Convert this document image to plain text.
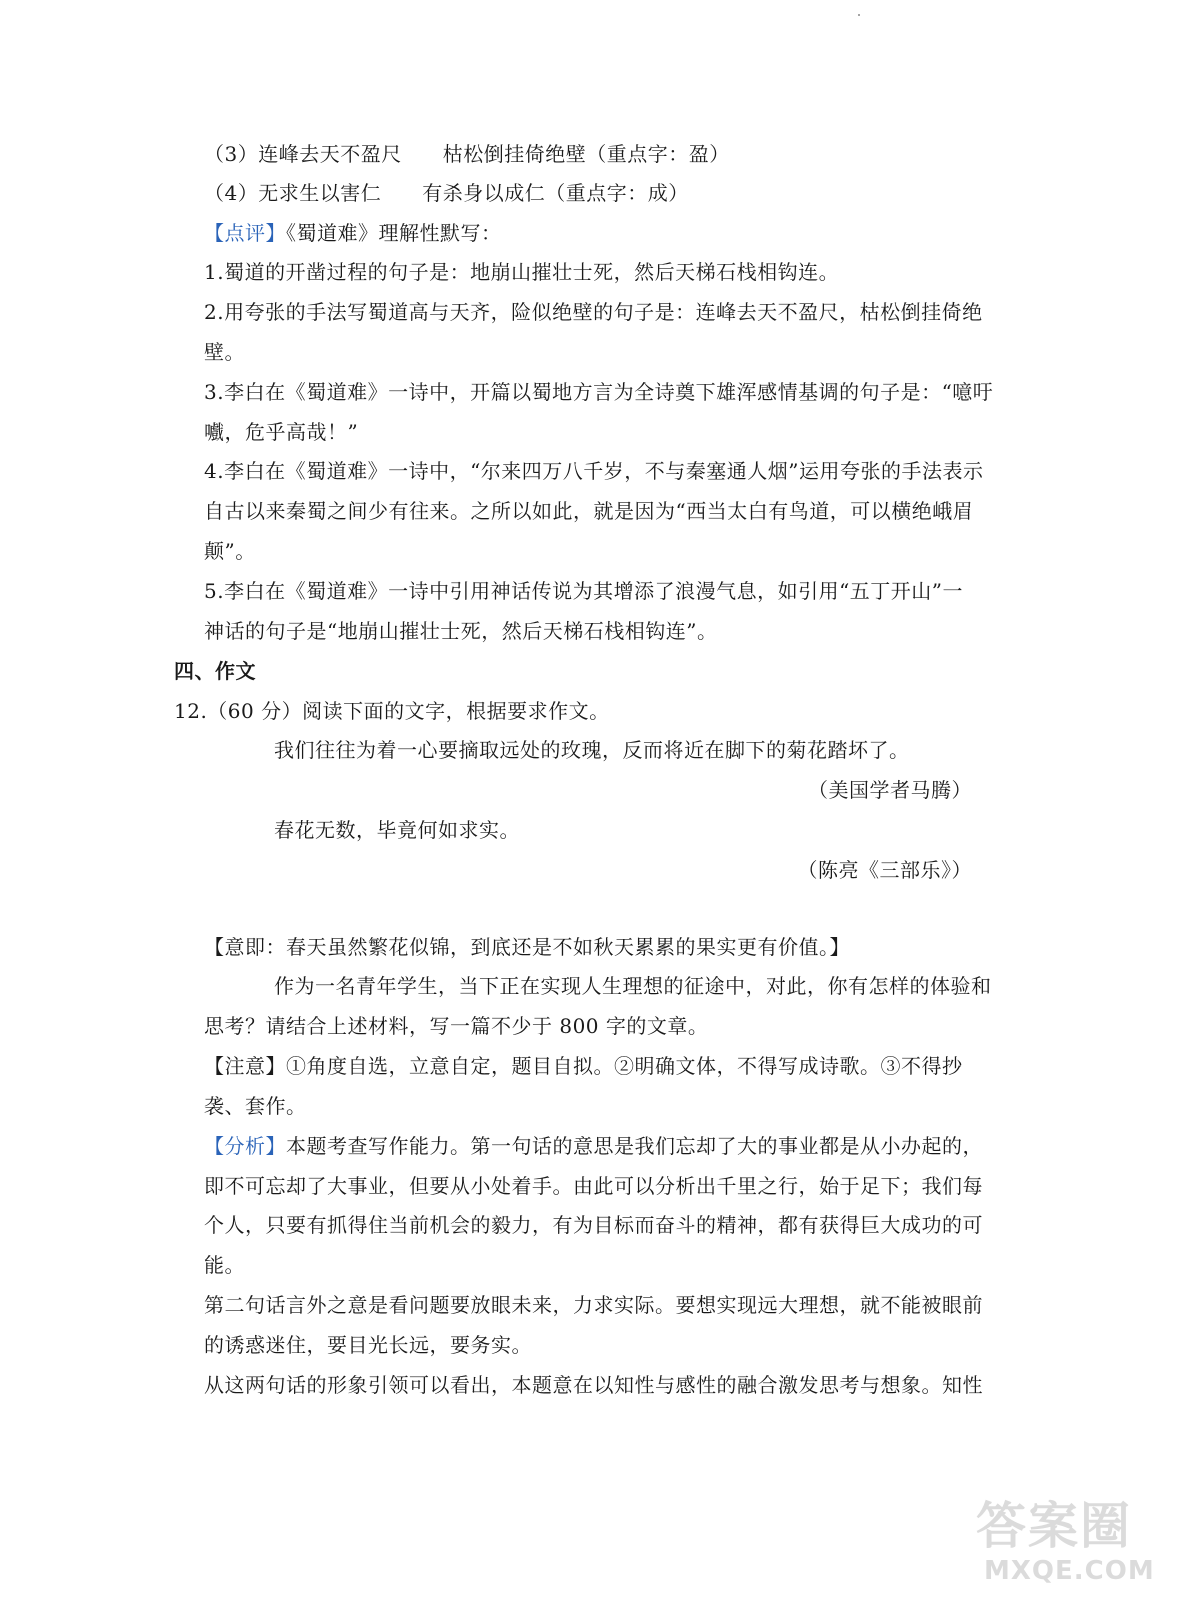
（3）连峰去天不盈尺　　枯松倒挂倚绝壁（重点字：盈）
（4）无求生以害仁　　有杀身以成仁（重点字：成）
【点评】《蜀道难》理解性默写：
1.蜀道的开凿过程的句子是：地崩山摧壮士死，然后天梯石栈相钩连。
2.用夸张的手法写蜀道高与天齐，险似绝壁的句子是：连峰去天不盈尺，枯松倒挂倚绝
壁。
3.李白在《蜀道难》一诗中，开篇以蜀地方言为全诗奠下雄浑感情基调的句子是：“噫吁
嚱，危乎高哉！”
4.李白在《蜀道难》一诗中，“尔来四万八千岁，不与秦塞通人烟”运用夸张的手法表示
自古以来秦蜀之间少有往来。之所以如此，就是因为“西当太白有鸟道，可以横绝峨眉
颠”。
5.李白在《蜀道难》一诗中引用神话传说为其增添了浪漫气息，如引用“五丁开山”一
神话的句子是“地崩山摧壮士死，然后天梯石栈相钩连”。
四、作文
12.（60 分）阅读下面的文字，根据要求作文。
我们往往为着一心要摘取远处的玫瑰，反而将近在脚下的菊花踏坏了。
（美国学者马腾）
春花无数，毕竟何如求实。
（陈亮《三部乐》）
【意即：春天虽然繁花似锦，到底还是不如秋天累累的果实更有价值。】
作为一名青年学生，当下正在实现人生理想的征途中，对此，你有怎样的体验和
思考？请结合上述材料，写一篇不少于 800 字的文章。
【注意】①角度自选，立意自定，题目自拟。②明确文体，不得写成诗歌。③不得抄
袭、套作。
【分析】本题考查写作能力。第一句话的意思是我们忘却了大的事业都是从小办起的，
即不可忘却了大事业，但要从小处着手。由此可以分析出千里之行，始于足下；我们每
个人，只要有抓得住当前机会的毅力，有为目标而奋斗的精神，都有获得巨大成功的可
能。
第二句话言外之意是看问题要放眼未来，力求实际。要想实现远大理想，就不能被眼前
的诱惑迷住，要目光长远，要务实。
从这两句话的形象引领可以看出，本题意在以知性与感性的融合激发思考与想象。知性
答案圈
MXQE.COM
